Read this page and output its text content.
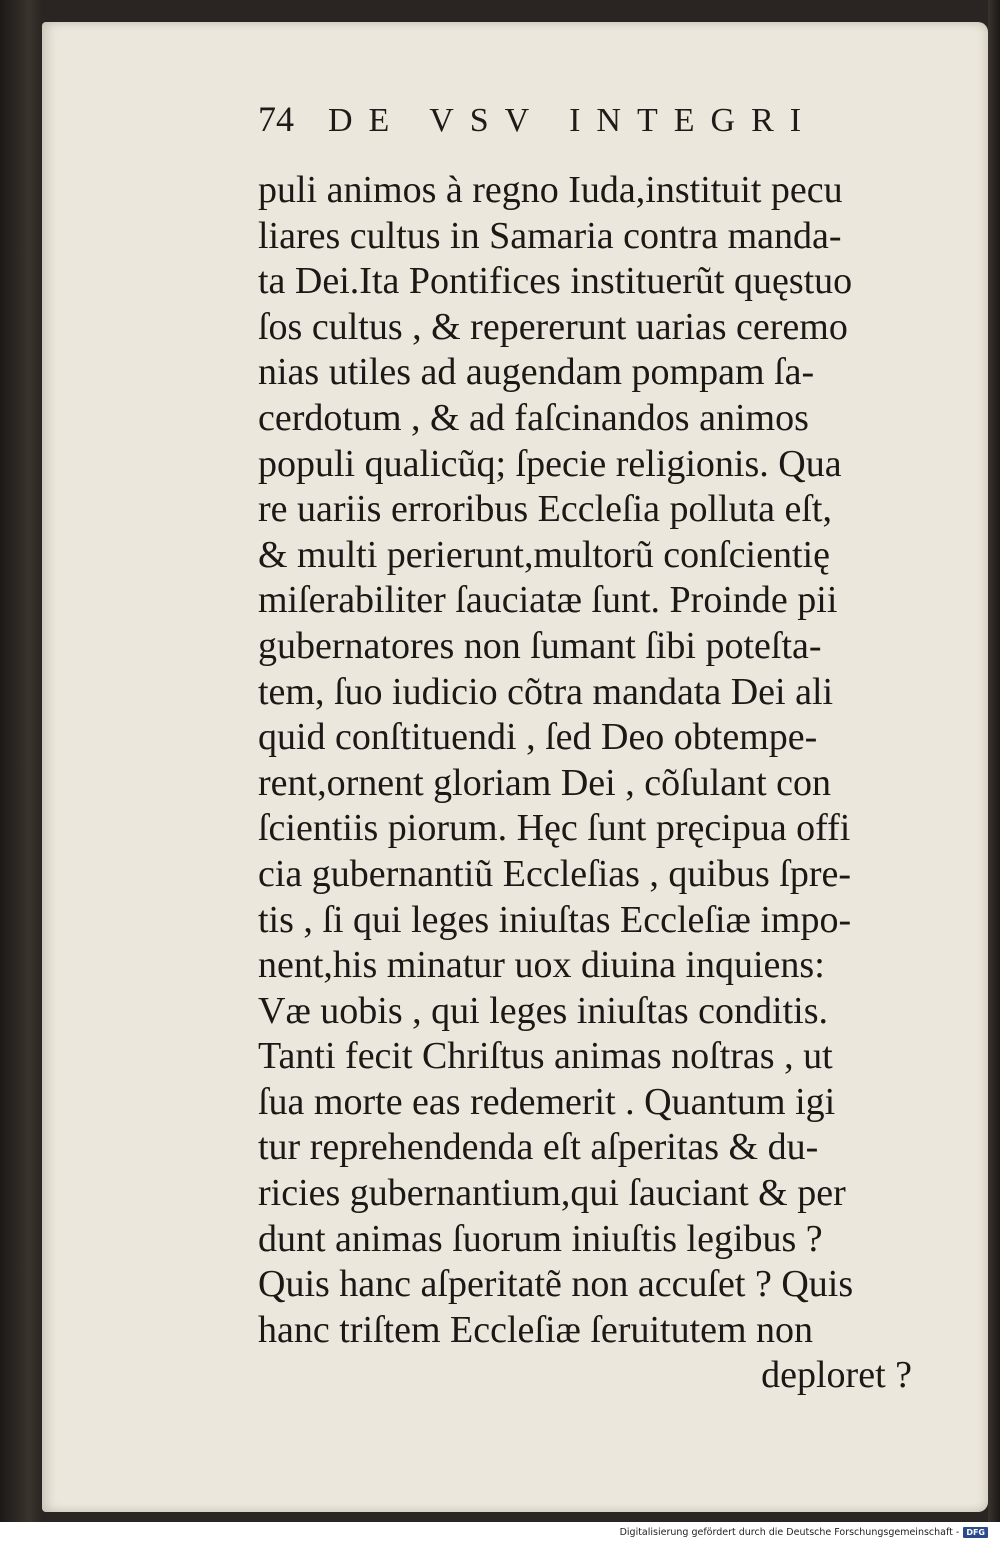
74 DE VSV INTEGRI
puli animos à regno Iuda,instituit pecu
liares cultus in Samaria contra manda-
ta Dei.Ita Pontifices instituerũt quęstuo
ſos cultus , & repererunt uarias ceremo
nias utiles ad augendam pompam ſa-
cerdotum , & ad faſcinandos animos
populi qualicũq; ſpecie religionis. Qua
re uariis erroribus Eccleſia polluta eſt,
& multi perierunt,multorũ conſcientię
miſerabiliter ſauciatæ ſunt. Proinde pii
gubernatores non ſumant ſibi poteſta-
tem, ſuo iudicio cõtra mandata Dei ali
quid conſtituendi , ſed Deo obtempe-
rent,ornent gloriam Dei , cõſulant con
ſcientiis piorum. Hęc ſunt pręcipua offi
cia gubernantiũ Eccleſias , quibus ſpre-
tis , ſi qui leges iniuſtas Eccleſiæ impo-
nent,his minatur uox diuina inquiens:
Væ uobis , qui leges iniuſtas conditis.
Tanti fecit Chriſtus animas noſtras , ut
ſua morte eas redemerit . Quantum igi
tur reprehendenda eſt aſperitas & du-
ricies gubernantium,qui ſauciant & per
dunt animas ſuorum iniuſtis legibus ?
Quis hanc aſperitatẽ non accuſet ? Quis
hanc triſtem Eccleſiæ ſeruitutem non
deploret ?
Digitalisierung gefördert durch die Deutsche Forschungsgemeinschaft - DFG
